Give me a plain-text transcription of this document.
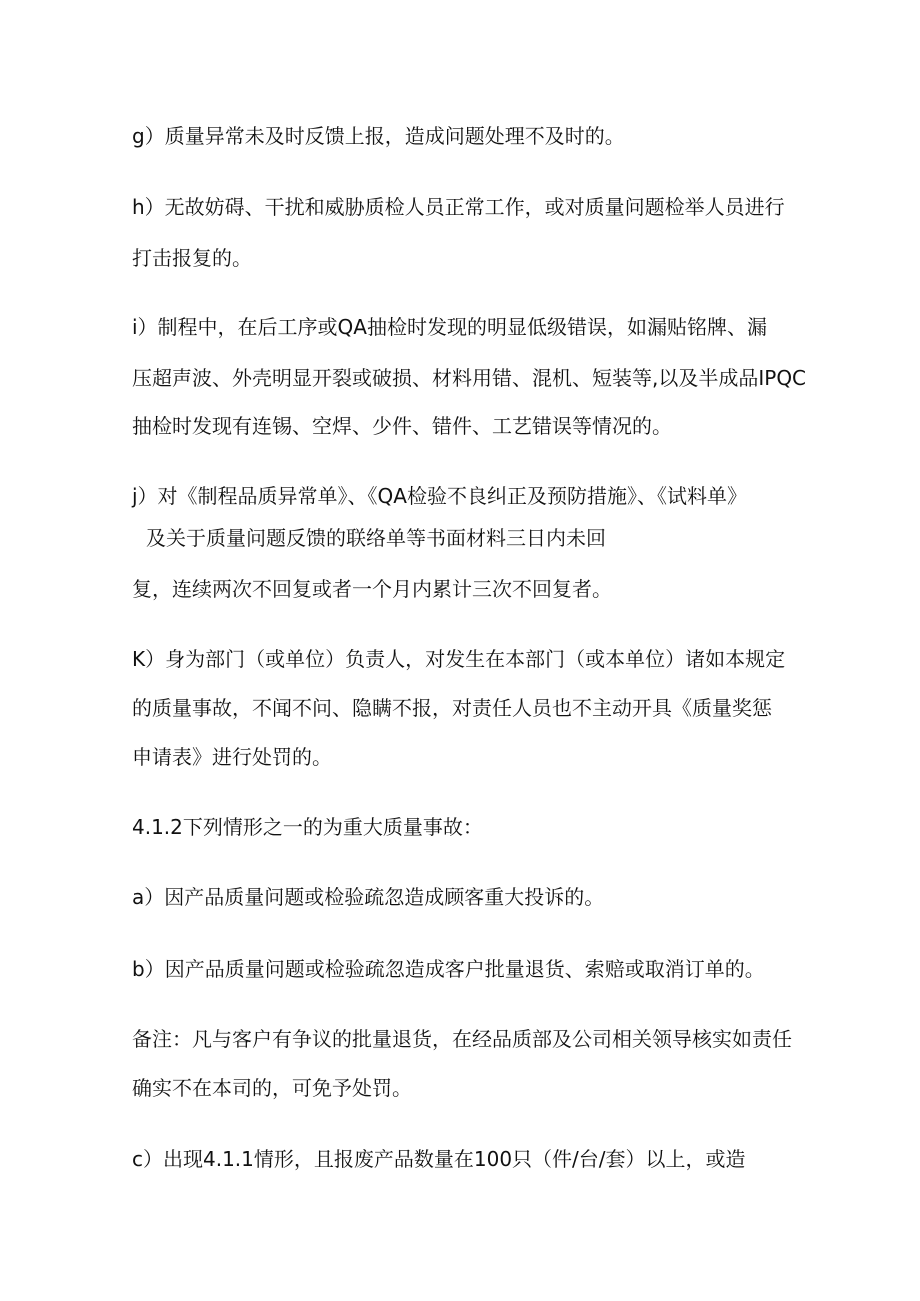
g）质量异常未及时反馈上报，造成问题处理不及时的。
h）无故妨碍、干扰和威胁质检人员正常工作，或对质量问题检举人员进行
打击报复的。
i）制程中，在后工序或QA抽检时发现的明显低级错误，如漏贴铭牌、漏
压超声波、外壳明显开裂或破损、材料用错、混机、短装等,以及半成品IPQC
抽检时发现有连锡、空焊、少件、错件、工艺错误等情况的。
j）对《制程品质异常单》、《QA检验不良纠正及预防措施》、《试料单》
及关于质量问题反馈的联络单等书面材料三日内未回
复，连续两次不回复或者一个月内累计三次不回复者。
K）身为部门（或单位）负责人，对发生在本部门（或本单位）诸如本规定
的质量事故，不闻不问、隐瞒不报，对责任人员也不主动开具《质量奖惩
申请表》进行处罚的。
4.1.2下列情形之一的为重大质量事故：
a）因产品质量问题或检验疏忽造成顾客重大投诉的。
b）因产品质量问题或检验疏忽造成客户批量退货、索赔或取消订单的。
备注：凡与客户有争议的批量退货，在经品质部及公司相关领导核实如责任
确实不在本司的，可免予处罚。
c）出现4.1.1情形，且报废产品数量在100只（件/台/套）以上，或造
